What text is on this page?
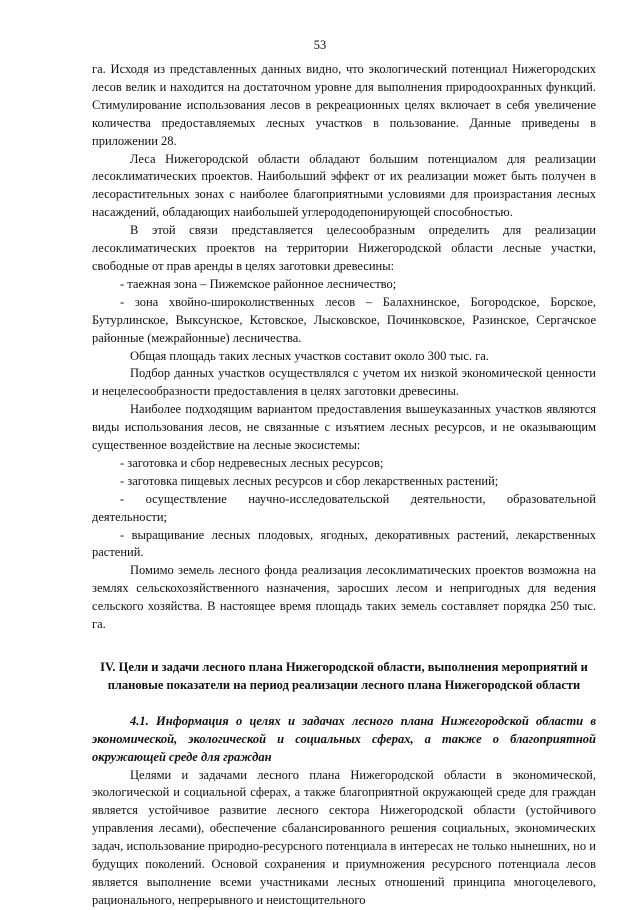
53

га. Исходя из представленных данных видно, что экологический потенциал Нижегородских лесов велик и находится на достаточном уровне для выполнения природоохранных функций. Стимулирование использования лесов в рекреационных целях включает в себя увеличение количества предоставляемых лесных участков в пользование. Данные приведены в приложении 28.

Леса Нижегородской области обладают большим потенциалом для реализации лесоклиматических проектов. Наибольший эффект от их реализации может быть получен в лесорастительных зонах с наиболее благоприятными условиями для произрастания лесных насаждений, обладающих наибольшей углерододепонирующей способностью.

В этой связи представляется целесообразным определить для реализации лесоклиматических проектов на территории Нижегородской области лесные участки, свободные от прав аренды в целях заготовки древесины:

- таежная зона – Пижемское районное лесничество;

- зона хвойно-широколиственных лесов – Балахнинское, Богородское, Борское, Бутурлинское, Выксунское, Кстовское, Лысковское, Починковское, Разинское, Сергачское районные (межрайонные) лесничества.

Общая площадь таких лесных участков составит около 300 тыс. га.

Подбор данных участков осуществлялся с учетом их низкой экономической ценности и нецелесообразности предоставления в целях заготовки древесины.

Наиболее подходящим вариантом предоставления вышеуказанных участков являются виды использования лесов, не связанные с изъятием лесных ресурсов, и не оказывающим существенное воздействие на лесные экосистемы:

- заготовка и сбор недревесных лесных ресурсов;

- заготовка пищевых лесных ресурсов и сбор лекарственных растений;

- осуществление научно-исследовательской деятельности, образовательной деятельности;

- выращивание лесных плодовых, ягодных, декоративных растений, лекарственных растений.

Помимо земель лесного фонда реализация лесоклиматических проектов возможна на землях сельскохозяйственного назначения, заросших лесом и непригодных для ведения сельского хозяйства. В настоящее время площадь таких земель составляет порядка 250 тыс. га.

IV. Цели и задачи лесного плана Нижегородской области, выполнения мероприятий и плановые показатели на период реализации лесного плана Нижегородской области

4.1. Информация о целях и задачах лесного плана Нижегородской области в экономической, экологической и социальных сферах, а также о благоприятной окружающей среде для граждан

Целями и задачами лесного плана Нижегородской области в экономической, экологической и социальной сферах, а также благоприятной окружающей среде для граждан является устойчивое развитие лесного сектора Нижегородской области (устойчивого управления лесами), обеспечение сбалансированного решения социальных, экономических задач, использование природно-ресурсного потенциала в интересах не только нынешних, но и будущих поколений. Основой сохранения и приумножения ресурсного потенциала лесов является выполнение всеми участниками лесных отношений принципа многоцелевого, рационального, непрерывного и неистощительного
